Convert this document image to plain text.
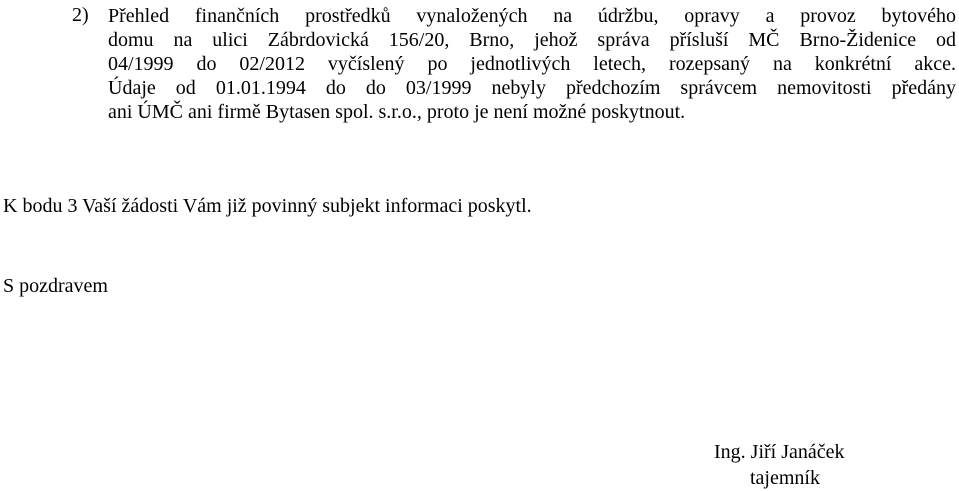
2) Přehled finančních prostředků vynaložených na údržbu, opravy a provoz bytového
domu na ulici Zábrdovická 156/20, Brno, jehož správa přísluší MČ Brno-Židenice od
04/1999 do 02/2012 vyčíslený po jednotlivých letech, rozepsaný na konkrétní akce.
Údaje od 01.01.1994 do do 03/1999 nebyly předchozím správcem nemovitosti předány
ani ÚMČ ani firmě Bytasen spol. s.r.o., proto je není možné poskytnout.
K bodu 3 Vaší žádosti Vám již povinný subjekt informaci poskytl.
S pozdravem
Ing. Jiří Janáček
tajemník
